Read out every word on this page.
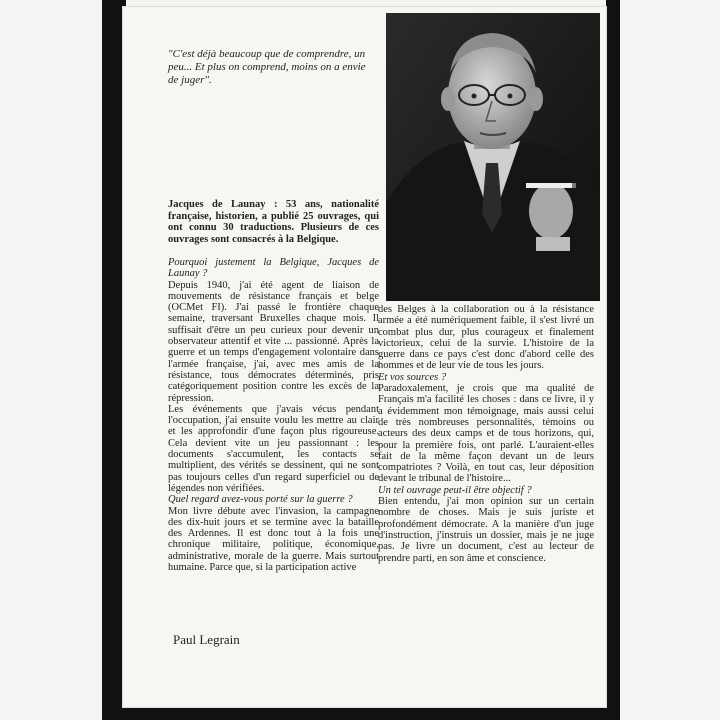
"C'est déjà beaucoup que de comprendre, un peu... Et plus on comprend, moins on a envie de juger".
Jacques de Launay : 53 ans, nationalité française, historien, a publié 25 ouvrages, qui ont connu 30 traductions. Plusieurs de ces ouvrages sont consacrés à la Belgique.

Pourquoi justement la Belgique, Jacques de Launay ?

Depuis 1940, j'ai été agent de liaison de mouvements de résistance français et belge (OCMet FI). J'ai passé le frontière chaque semaine, traversant Bruxelles chaque mois. Il suffisait d'être un peu curieux pour devenir un observateur attentif et vite ... passionné. Après la guerre et un temps d'engagement volontaire dans l'armée française, j'ai, avec mes amis de la résistance, tous démocrates déterminés, pris catégoriquement position contre les excès de la répression.

Les événements que j'avais vécus pendant l'occupation, j'ai ensuite voulu les mettre au clair et les approfondir d'une façon plus rigoureuse. Cela devient vite un jeu passionnant : les documents s'accumulent, les contacts se multiplient, des vérités se dessinent, qui ne sont pas toujours celles d'un regard superficiel ou de légendes non vérifiées.

Quel regard avez-vous porté sur la guerre ?

Mon livre débute avec l'invasion, la campagne des dix-huit jours et se termine avec la bataille des Ardennes. Il est donc tout à la fois une chronique militaire, politique, économique, administrative, morale de la guerre. Mais surtout humaine. Parce que, si la participation active

des Belges à la collaboration ou à la résistance armée a été numériquement faible, il s'est livré un combat plus dur, plus courageux et finalement victorieux, celui de la survie. L'histoire de la guerre dans ce pays c'est donc d'abord celle des hommes et de leur vie de tous les jours.

Et vos sources ?

Paradoxalement, je crois que ma qualité de Français m'a facilité les choses : dans ce livre, il y a évidemment mon témoignage, mais aussi celui de très nombreuses personnalités, témoins ou acteurs des deux camps et de tous horizons, qui, pour la première fois, ont parlé. L'auraient-elles fait de la même façon devant un de leurs compatriotes ? Voilà, en tout cas, leur déposition devant le tribunal de l'histoire...

Un tel ouvrage peut-il être objectif ?

Bien entendu, j'ai mon opinion sur un certain nombre de choses. Mais je suis juriste et profondément démocrate. A la manière d'un juge d'instruction, j'instruis un dossier, mais je ne juge pas. Je livre un document, c'est au lecteur de prendre parti, en son âme et conscience.

Paul Legrain
